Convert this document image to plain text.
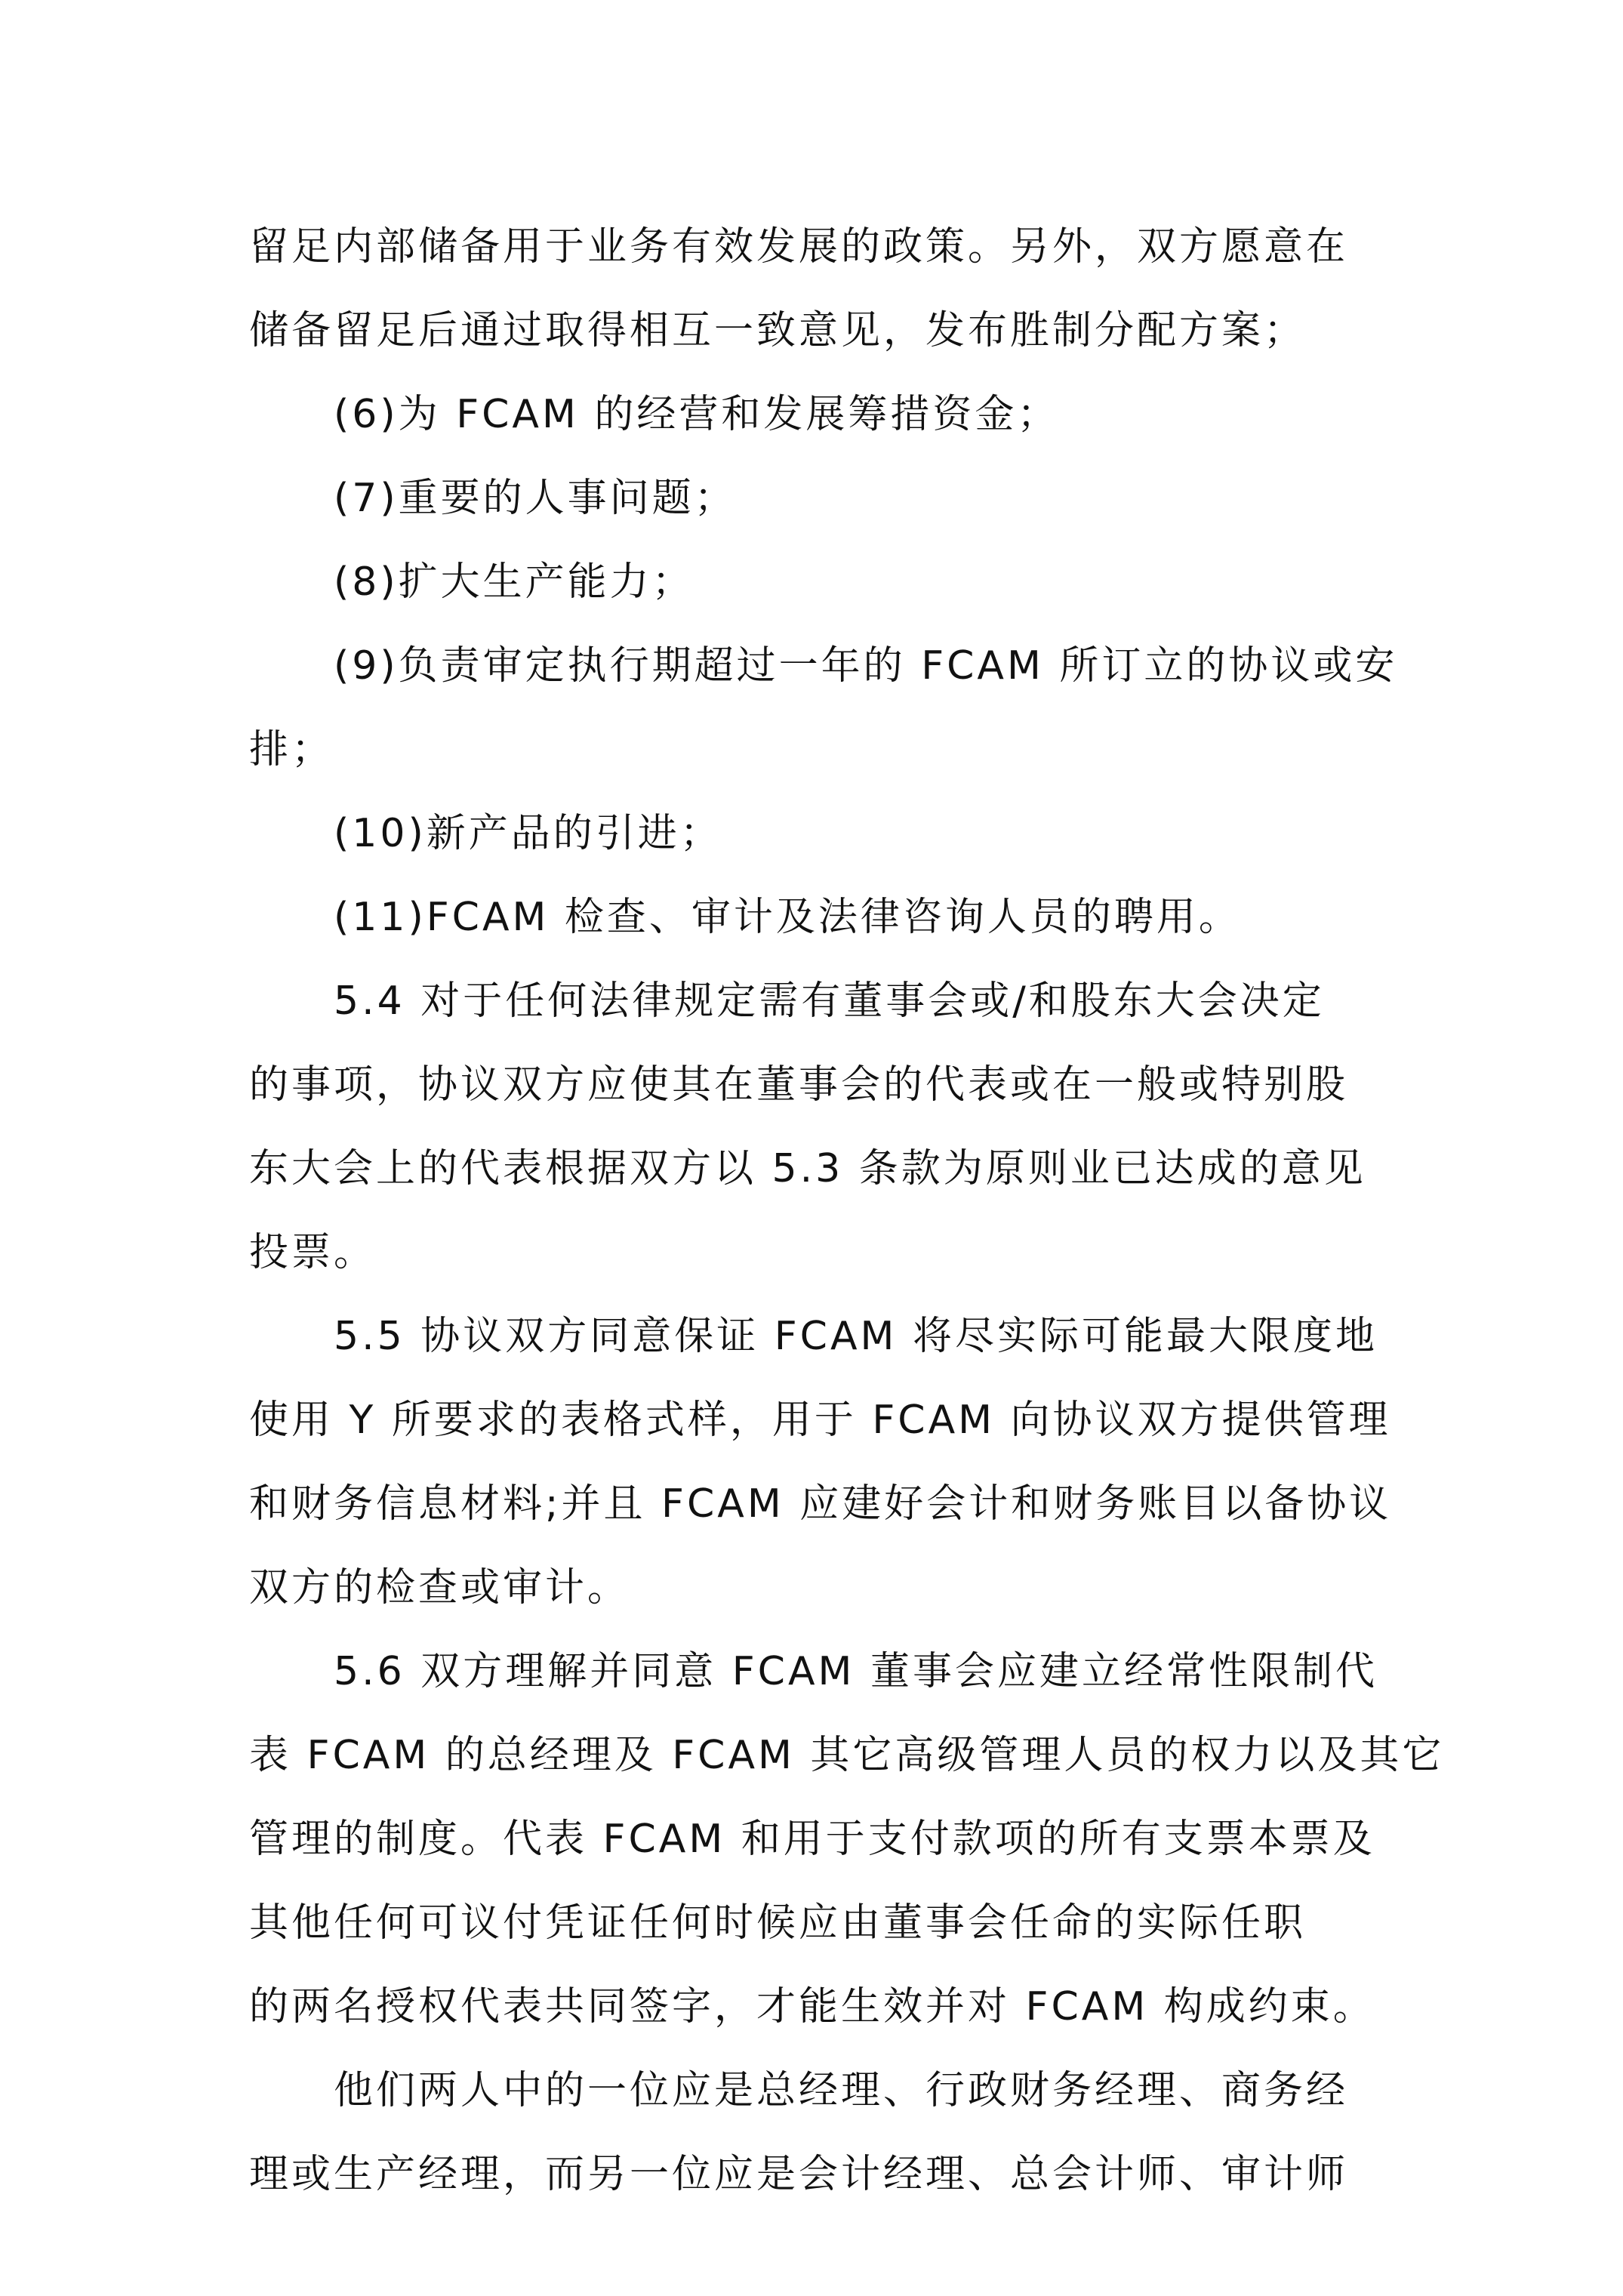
留足内部储备用于业务有效发展的政策。另外，双方愿意在
储备留足后通过取得相互一致意见，发布胜制分配方案；

(6)为 FCAM 的经营和发展筹措资金；

(7)重要的人事问题；

(8)扩大生产能力；

(9)负责审定执行期超过一年的 FCAM 所订立的协议或安
排；

(10)新产品的引进；

(11)FCAM 检查、审计及法律咨询人员的聘用。

5.4 对于任何法律规定需有董事会或/和股东大会决定
的事项，协议双方应使其在董事会的代表或在一般或特别股
东大会上的代表根据双方以 5.3 条款为原则业已达成的意见
投票。

5.5 协议双方同意保证 FCAM 将尽实际可能最大限度地
使用 Y 所要求的表格式样，用于 FCAM 向协议双方提供管理
和财务信息材料;并且 FCAM 应建好会计和财务账目以备协议
双方的检查或审计。

5.6 双方理解并同意 FCAM 董事会应建立经常性限制代
表 FCAM 的总经理及 FCAM 其它高级管理人员的权力以及其它
管理的制度。代表 FCAM 和用于支付款项的所有支票本票及
其他任何可议付凭证任何时候应由董事会任命的实际任职
的两名授权代表共同签字，才能生效并对 FCAM 构成约束。

他们两人中的一位应是总经理、行政财务经理、商务经
理或生产经理，而另一位应是会计经理、总会计师、审计师
